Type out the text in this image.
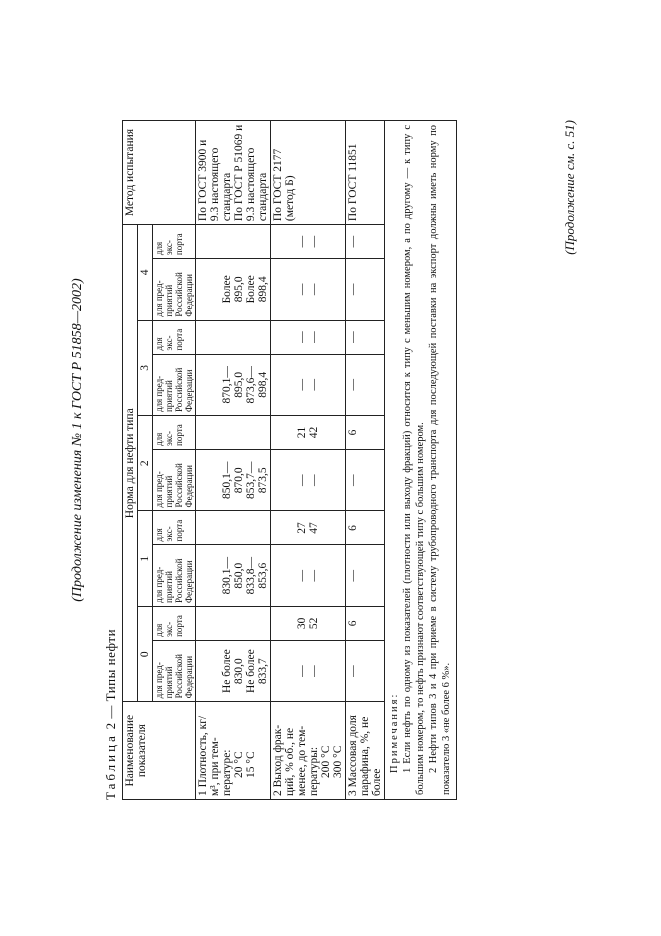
(Продолжение изменения № 1 к ГОСТ Р 51858—2002)
Таблица 2 — Типы нефти
Наименование показателя	Норма для нефти типа										Метод испытания
	0		1		2		3		4		
	для пред-приятий Российской Федерации	для экс-порта	для пред-приятий Российской Федерации	для экс-порта	для пред-приятий Российской Федерации	для экс-порта	для пред-приятий Российской Федерации	для экс-порта	для пред-приятий Российской Федерации	для экс-порта	

1 Плотность, кг/м³, при тем- пературе: 20 °С 15 °С	Не более 830,0 Не более 833,7		830,1—850,0 833,8—853,6		850,1—870,0 853,7—873,5		870,1—895,0 873,6—898,4		Более 895,0 Более 898,4		По ГОСТ 3900 и 9.3 настоящего стандарта По ГОСТ Р 51069 и 9.3 настоящего стандарта

2 Выход фрак-ций, % об., не менее, до тем- пературы: 200 °С 300 °С	— —	30 52	— —	27 47	— —	21 42	— —	— —	— —	— —	По ГОСТ 2177 (метод Б)

3 Массовая доля парафина, %, не более	—	6	—	6	—	6	—	—	—	—	По ГОСТ 11851

Примечания: 1 Если нефть по одному из показателей (плотности или выходу фракций) относится к типу с меньшим номером, а по другому — к типу с большим номером, то нефть признают соответствующей типу с большим номером. 2 Нефти типов 3 и 4 при приеме в систему трубопроводного транспорта для последующей поставки на экспорт должны иметь норму по показателю 3 «не более 6 %».											
(Продолжение см. с. 51)
